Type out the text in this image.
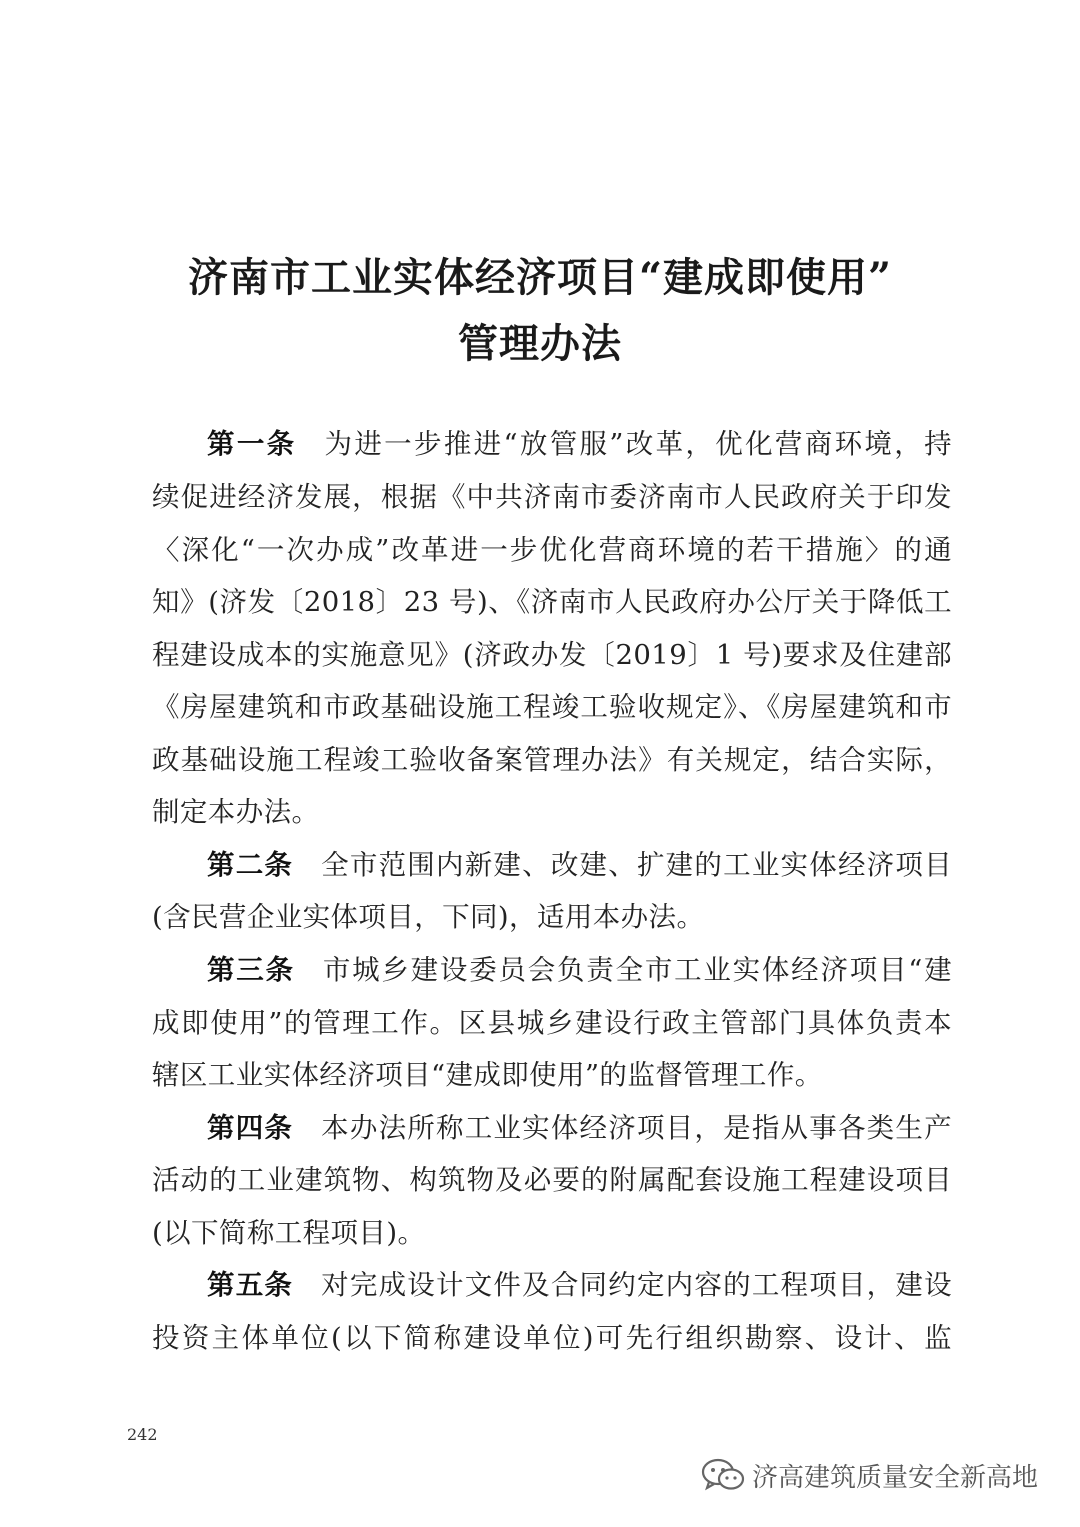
济南市工业实体经济项目“建成即使用”
管理办法
第一条 为进一步推进“放管服”改革，优化营商环境，持
续促进经济发展，根据《中共济南市委济南市人民政府关于印发
〈深化“一次办成”改革进一步优化营商环境的若干措施〉的通
知》(济发〔2018〕23 号)、《济南市人民政府办公厅关于降低工
程建设成本的实施意见》(济政办发〔2019〕1 号)要求及住建部
《房屋建筑和市政基础设施工程竣工验收规定》、《房屋建筑和市
政基础设施工程竣工验收备案管理办法》有关规定，结合实际，
制定本办法。
第二条 全市范围内新建、改建、扩建的工业实体经济项目
(含民营企业实体项目，下同)，适用本办法。
第三条 市城乡建设委员会负责全市工业实体经济项目“建
成即使用”的管理工作。区县城乡建设行政主管部门具体负责本
辖区工业实体经济项目“建成即使用”的监督管理工作。
第四条 本办法所称工业实体经济项目，是指从事各类生产
活动的工业建筑物、构筑物及必要的附属配套设施工程建设项目
(以下简称工程项目)。
第五条 对完成设计文件及合同约定内容的工程项目，建设
投资主体单位(以下简称建设单位)可先行组织勘察、设计、监
242
济高建筑质量安全新高地
